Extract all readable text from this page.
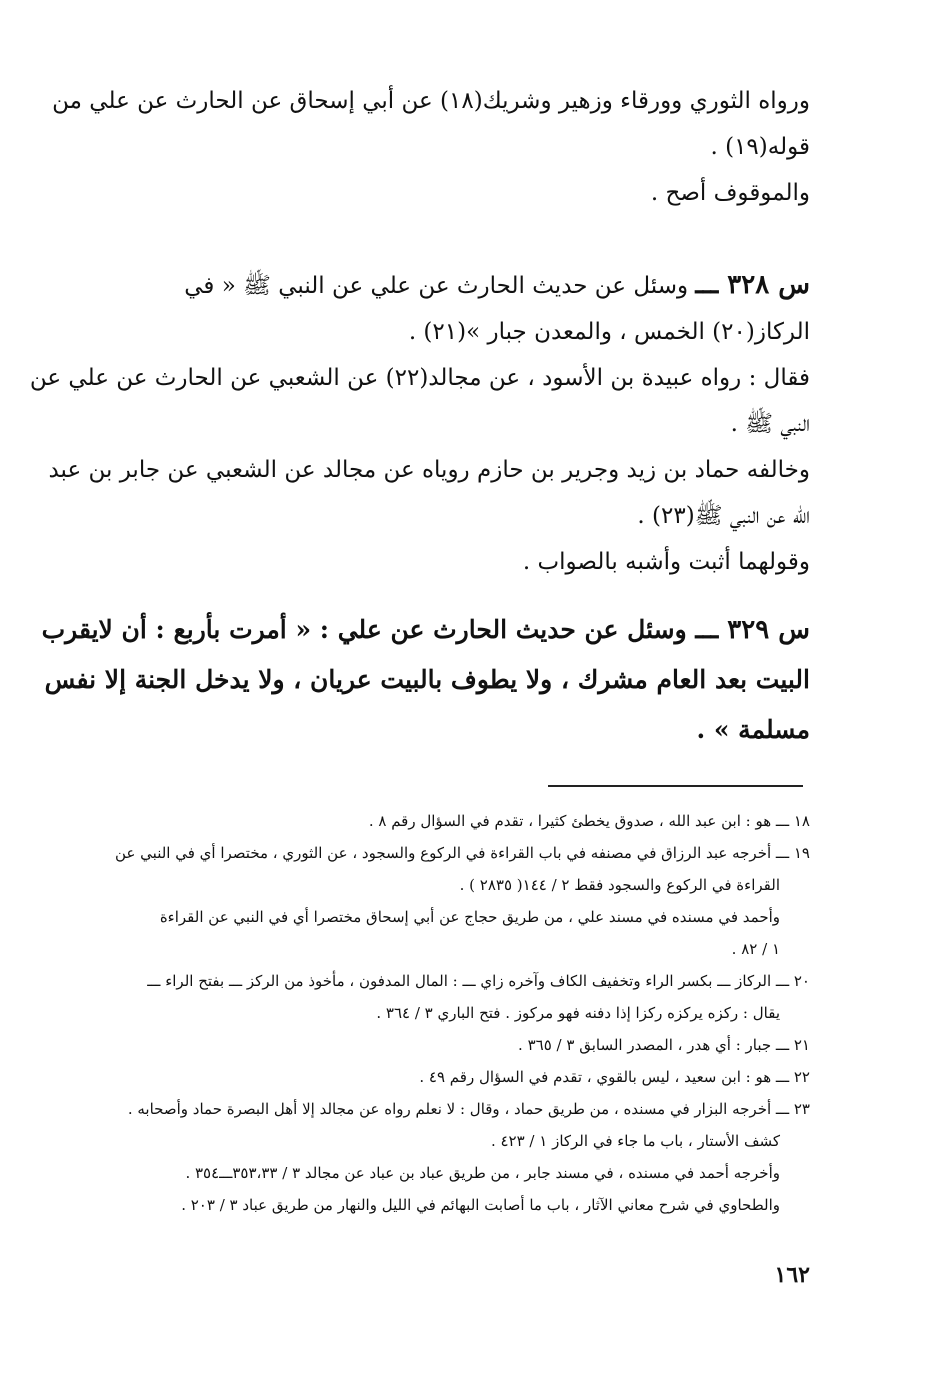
ورواه الثوري وورقاء وزهير وشريك(١٨) عن أبي إسحاق عن الحارث عن علي من
قوله(١٩) .
والموقوف أصح .
س ٣٢٨ ـــ وسئل عن حديث الحارث عن علي عن النبي ﷺ « في
الركاز(٢٠) الخمس ، والمعدن جبار »(٢١) .
فقال : رواه عبيدة بن الأسود ، عن مجالد(٢٢) عن الشعبي عن الحارث عن علي عن
النبي ﷺ .
وخالفه حماد بن زيد وجرير بن حازم روياه عن مجالد عن الشعبي عن جابر بن عبد
الله عن النبي ﷺ(٢٣) .
وقولهما أثبت وأشبه بالصواب .
س ٣٢٩ ـــ وسئل عن حديث الحارث عن علي : « أمرت بأربع : أن لايقرب
البيت بعد العام مشرك ، ولا يطوف بالبيت عريان ، ولا يدخل الجنة إلا نفس
مسلمة » .
١٨ ـــ هو : ابن عبد الله ، صدوق يخطئ كثيرا ، تقدم في السؤال رقم ٨ .
١٩ ـــ أخرجه عبد الرزاق في مصنفه في باب القراءة في الركوع والسجود ، عن الثوري ، مختصرا أي في النبي عن
القراءة في الركوع والسجود فقط ٢ / ١٤٤( ٢٨٣٥ ) .
وأحمد في مسنده في مسند علي ، من طريق حجاج عن أبي إسحاق مختصرا أي في النبي عن القراءة
١ / ٨٢ .
٢٠ ـــ الركاز ـــ بكسر الراء وتخفيف الكاف وآخره زاي ـــ : المال المدفون ، مأخوذ من الركز ـــ بفتح الراء ـــ
يقال : ركزه يركزه ركزا إذا دفنه فهو مركوز . فتح الباري ٣ / ٣٦٤ .
٢١ ـــ جبار : أي هدر ، المصدر السابق ٣ / ٣٦٥ .
٢٢ ـــ هو : ابن سعيد ، ليس بالقوي ، تقدم في السؤال رقم ٤٩ .
٢٣ ـــ أخرجه البزار في مسنده ، من طريق حماد ، وقال : لا نعلم رواه عن مجالد إلا أهل البصرة حماد وأصحابه .
كشف الأستار ، باب ما جاء في الركاز ١ / ٤٢٣ .
وأخرجه أحمد في مسنده ، في مسند جابر ، من طريق عباد بن عباد عن مجالد ٣ / ٣٥٣،٣٣ـــ٣٥٤ .
والطحاوي في شرح معاني الآثار ، باب ما أصابت البهائم في الليل والنهار من طريق عباد ٣ / ٢٠٣ .
١٦٢
